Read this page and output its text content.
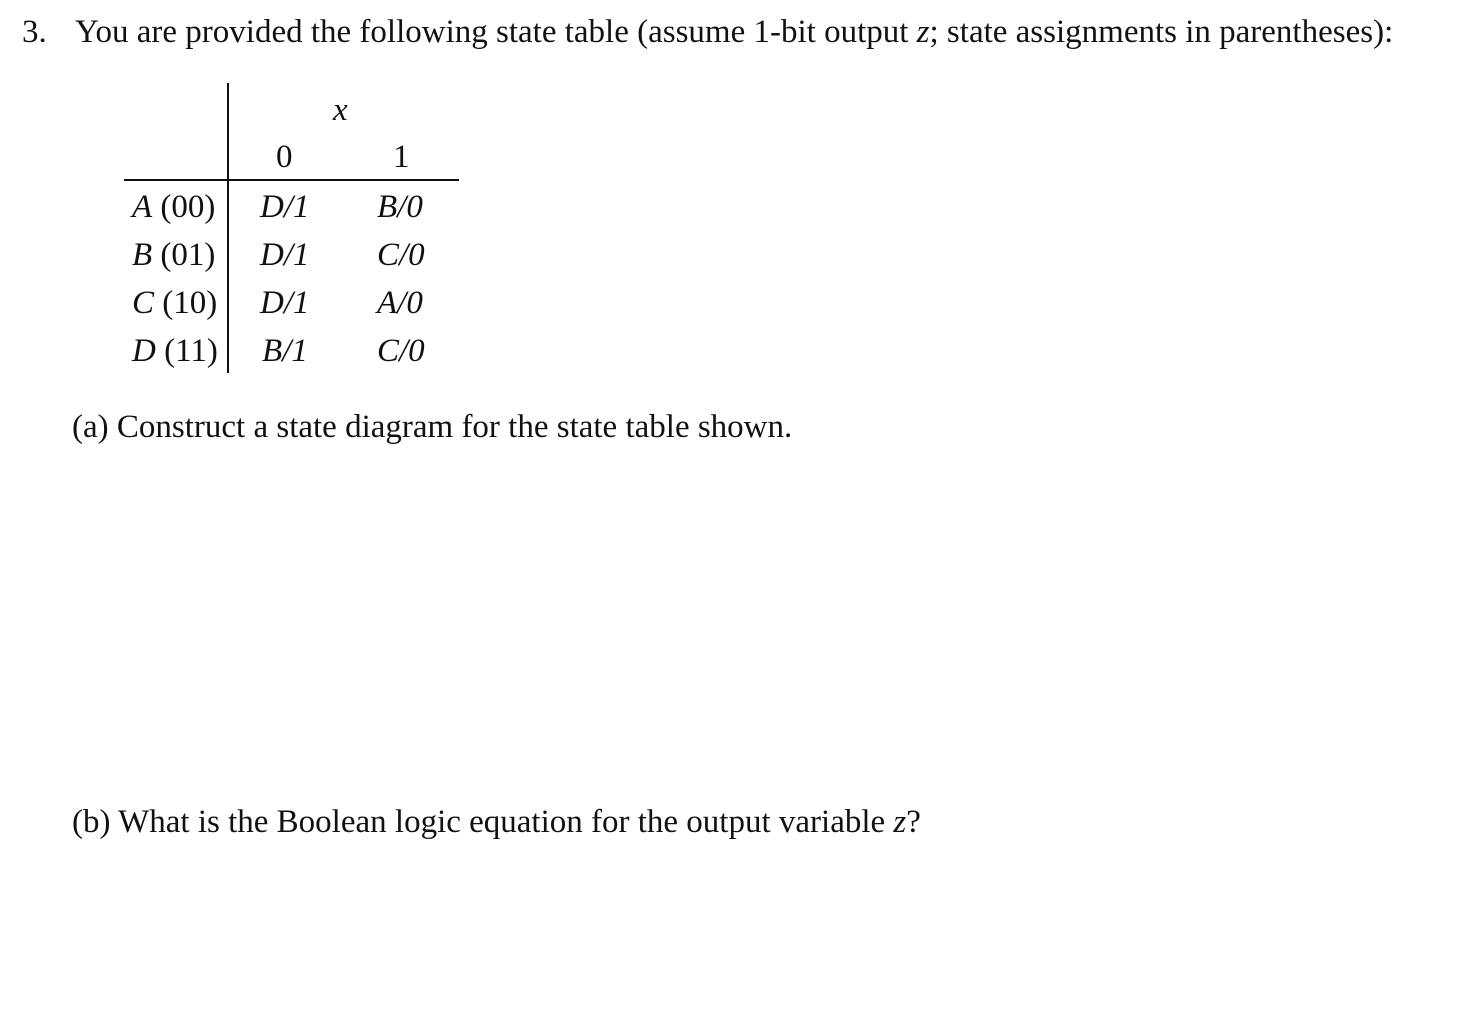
3. You are provided the following state table (assume 1-bit output z; state assignments in parentheses):
x
0	1
A (00) D/1 B/0
B (01) D/1 C/0
C (10) D/1 A/0
D (11) B/1 C/0
(a) Construct a state diagram for the state table shown.
(b) What is the Boolean logic equation for the output variable z?
